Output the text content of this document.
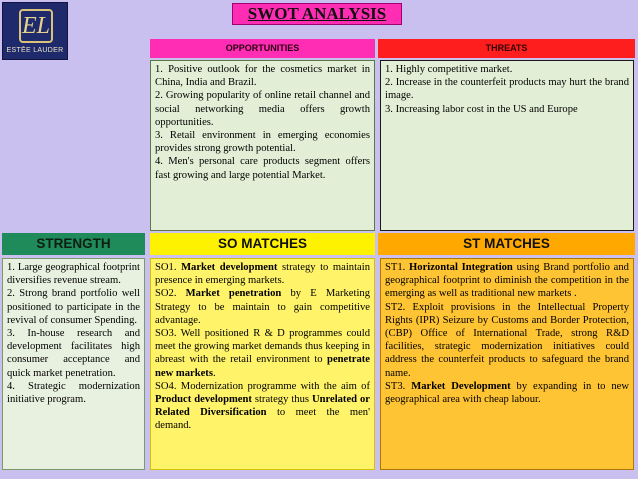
EL
ESTĒE LAUDER
SWOT ANALYSIS
OPPORTUNITIES

1. Positive outlook for the cosmetics market in China, India and Brazil.

2. Growing popularity of online retail channel and social networking media offers growth opportunities.

3. Retail environment in emerging economies provides strong growth potential.

4. Men's personal care products segment offers fast growing and large potential Market.

THREATS

1. Highly competitive market.

2. Increase in the counterfeit products may hurt the brand image.

3. Increasing labor cost in the US and Europe

STRENGTH	SO MATCHES	ST MATCHES

1. Large geographical footprint diversifies revenue stream.

2. Strong brand portfolio well positioned to participate in the revival of consumer Spending.

3. In-house research and development facilitates high consumer acceptance and quick market penetration.

4. Strategic modernization initiative program.

SO1. Market development strategy to maintain presence in emerging markets.

SO2. Market penetration by E Marketing Strategy to be maintain to gain competitive advantage.

SO3. Well positioned R & D programmes could meet the growing market demands thus keeping in abreast with the retail environment to penetrate new markets.

SO4. Modernization programme with the aim of Product development strategy thus Unrelated or Related Diversification to meet the men' demand.

ST1. Horizontal Integration using Brand portfolio and geographical footprint to diminish the competition in the emerging as well as traditional new markets .

ST2. Exploit provisions in the Intellectual Property Rights (IPR) Seizure by Customs and Border Protection, (CBP) Office of International Trade, strong R&D facilities, strategic modernization initiatives could address the counterfeit products to safeguard the brand name.

ST3. Market Development by expanding in to new geographical area with cheap labour.
